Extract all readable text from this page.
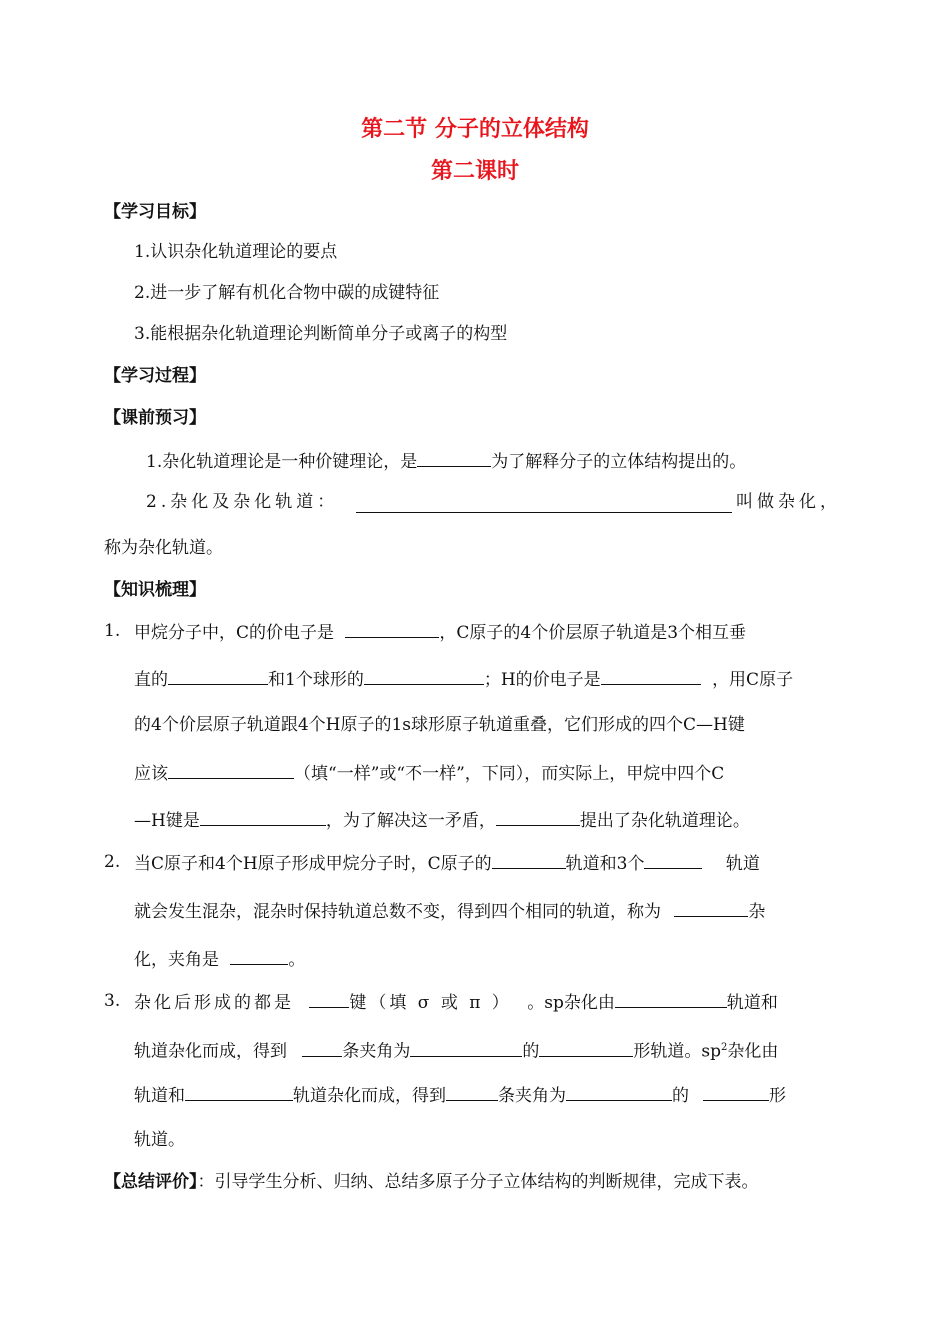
第二节 分子的立体结构
第二课时
【学习目标】
1.认识杂化轨道理论的要点
2.进一步了解有机化合物中碳的成键特征
3.能根据杂化轨道理论判断简单分子或离子的构型
【学习过程】
【课前预习】
1.杂化轨道理论是一种价键理论，是	为了解释分子的立体结构提出的。
2.杂化及杂化轨道：	叫做杂化，
称为杂化轨道。
【知识梳理】
1. 甲烷分子中，C的价电子是	，C原子的4个价层原子轨道是3个相互垂
直的	和1个球形的	；H的价电子是	，用C原子
的4个价层原子轨道跟4个H原子的1s球形原子轨道重叠，它们形成的四个C—H键
应该	（填“一样”或“不一样”，下同），而实际上，甲烷中四个C
—H键是	，为了解决这一矛盾，	提出了杂化轨道理论。
2. 当C原子和4个H原子形成甲烷分子时，C原子的	轨道和3个	轨道
就会发生混杂，混杂时保持轨道总数不变，得到四个相同的轨道，称为	杂
化，夹角是	。
3. 杂化后形成的都是	键（填 σ 或 π ） 。sp杂化由	轨道和
轨道杂化而成，得到	条夹角为	的	形轨道。$sp^2$杂化由
轨道和	轨道杂化而成，得到	条夹角为	的	形
轨道。
【总结评价】：引导学生分析、归纳、总结多原子分子立体结构的判断规律，完成下表。
